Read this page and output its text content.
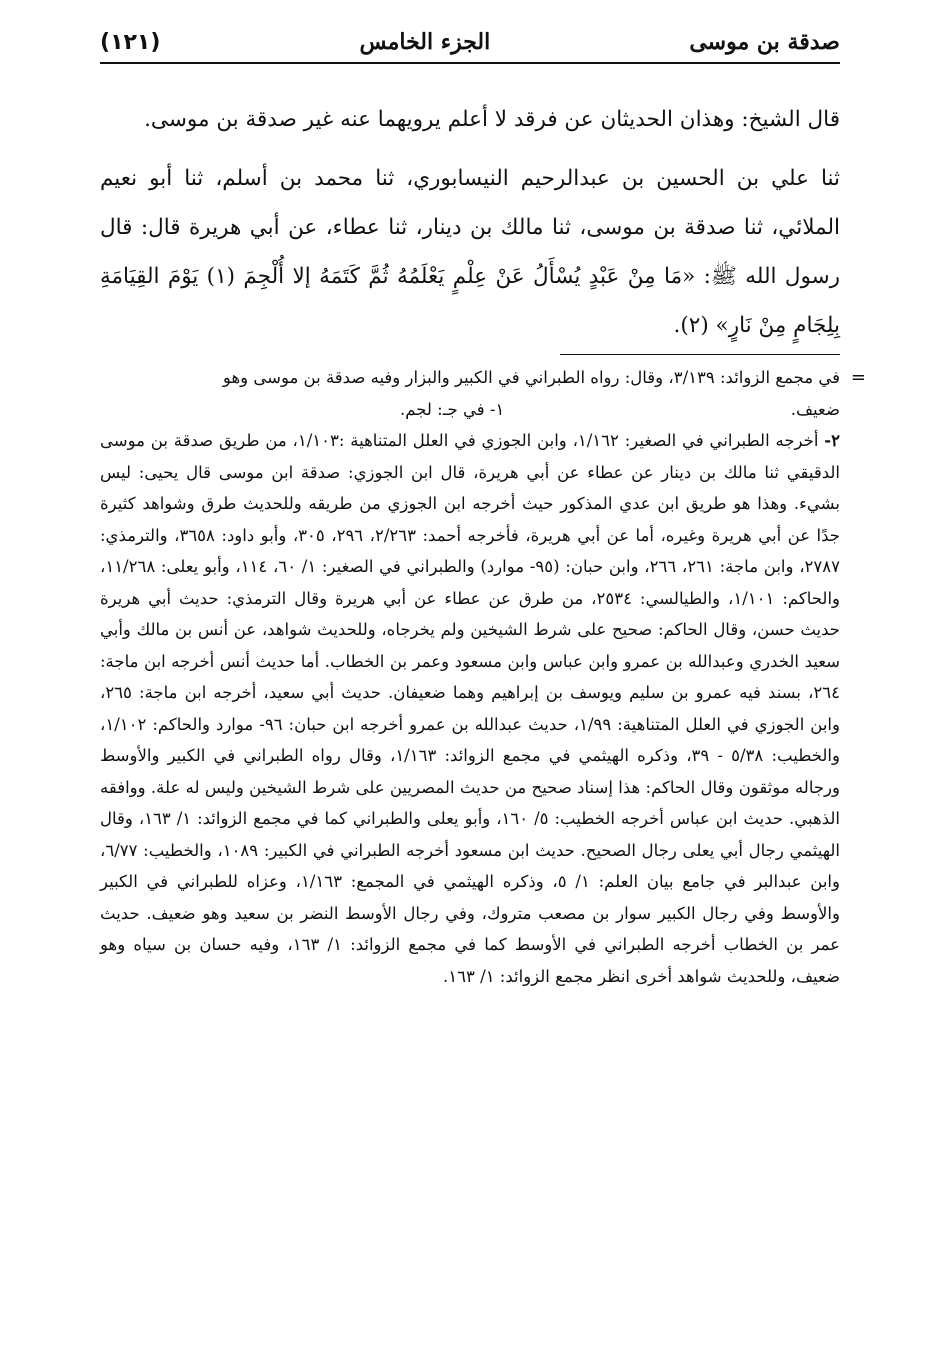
صدقة بن موسى
الجزء الخامس
(١٢١)

قال الشيخ: وهذان الحديثان عن فرقد لا أعلم يرويهما عنه غير صدقة بن موسى.

ثنا علي بن الحسين بن عبدالرحيم النيسابوري، ثنا محمد بن أسلم، ثنا أبو نعيم الملائي، ثنا صدقة بن موسى، ثنا مالك بن دينار، ثنا عطاء، عن أبي هريرة قال: قال رسول الله ﷺ: «مَا مِنْ عَبْدٍ يُسْأَلُ عَنْ عِلْمٍ يَعْلَمُهُ ثُمَّ كَتَمَهُ إلا أُلْجِمَ (١) يَوْمَ القِيَامَةِ بِلِجَامٍ مِنْ نَارٍ» (٢).

=
في مجمع الزوائد: ٣/١٣٩، وقال: رواه الطبراني في الكبير والبزار وفيه صدقة بن موسى وهو

ضعيف.
١- في جـ: لجم.

٢- أخرجه الطبراني في الصغير: ١/١٦٢، وابن الجوزي في العلل المتناهية :١/١٠٣، من طريق صدقة بن موسى الدقيقي ثنا مالك بن دينار عن عطاء عن أبي هريرة، قال ابن الجوزي: صدقة ابن موسى قال يحيى: ليس بشيء. وهذا هو طريق ابن عدي المذكور حيث أخرجه ابن الجوزي من طريقه وللحديث طرق وشواهد كثيرة جدًا عن أبي هريرة وغيره، أما عن أبي هريرة، فأخرجه أحمد: ٢/٢٦٣، ٢٩٦، ٣٠٥، وأبو داود: ٣٦٥٨، والترمذي: ٢٧٨٧، وابن ماجة: ٢٦١، ٢٦٦، وابن حبان: (٩٥- موارد) والطبراني في الصغير: ١/ ٦٠، ١١٤، وأبو يعلى: ١١/٢٦٨، والحاكم: ١/١٠١، والطيالسي: ٢٥٣٤، من طرق عن عطاء عن أبي هريرة وقال الترمذي: حديث أبي هريرة حديث حسن، وقال الحاكم: صحيح على شرط الشيخين ولم يخرجاه، وللحديث شواهد، عن أنس بن مالك وأبي سعيد الخدري وعبدالله بن عمرو وابن عباس وابن مسعود وعمر بن الخطاب. أما حديث أنس أخرجه ابن ماجة: ٢٦٤، بسند فيه عمرو بن سليم ويوسف بن إبراهيم وهما ضعيفان. حديث أبي سعيد، أخرجه ابن ماجة: ٢٦٥، وابن الجوزي في العلل المتناهية: ١/٩٩، حديث عبدالله بن عمرو أخرجه ابن حبان: ٩٦- موارد والحاكم: ١/١٠٢، والخطيب: ٥/٣٨ - ٣٩، وذكره الهيثمي في مجمع الزوائد: ١/١٦٣، وقال رواه الطبراني في الكبير والأوسط ورجاله موثقون وقال الحاكم: هذا إسناد صحيح من حديث المصريين على شرط الشيخين وليس له علة. ووافقه الذهبي. حديث ابن عباس أخرجه الخطيب: ٥/ ١٦٠، وأبو يعلى والطبراني كما في مجمع الزوائد: ١/ ١٦٣، وقال الهيثمي رجال أبي يعلى رجال الصحيح. حديث ابن مسعود أخرجه الطبراني في الكبير: ١٠٨٩، والخطيب: ٦/٧٧، وابن عبدالبر في جامع بيان العلم: ١/ ٥، وذكره الهيثمي في المجمع: ١/١٦٣، وعزاه للطبراني في الكبير والأوسط وفي رجال الكبير سوار بن مصعب متروك، وفي رجال الأوسط النضر بن سعيد وهو ضعيف. حديث عمر بن الخطاب أخرجه الطبراني في الأوسط كما في مجمع الزوائد: ١/ ١٦٣، وفيه حسان بن سياه وهو ضعيف، وللحديث شواهد أخرى انظر مجمع الزوائد: ١/ ١٦٣.
